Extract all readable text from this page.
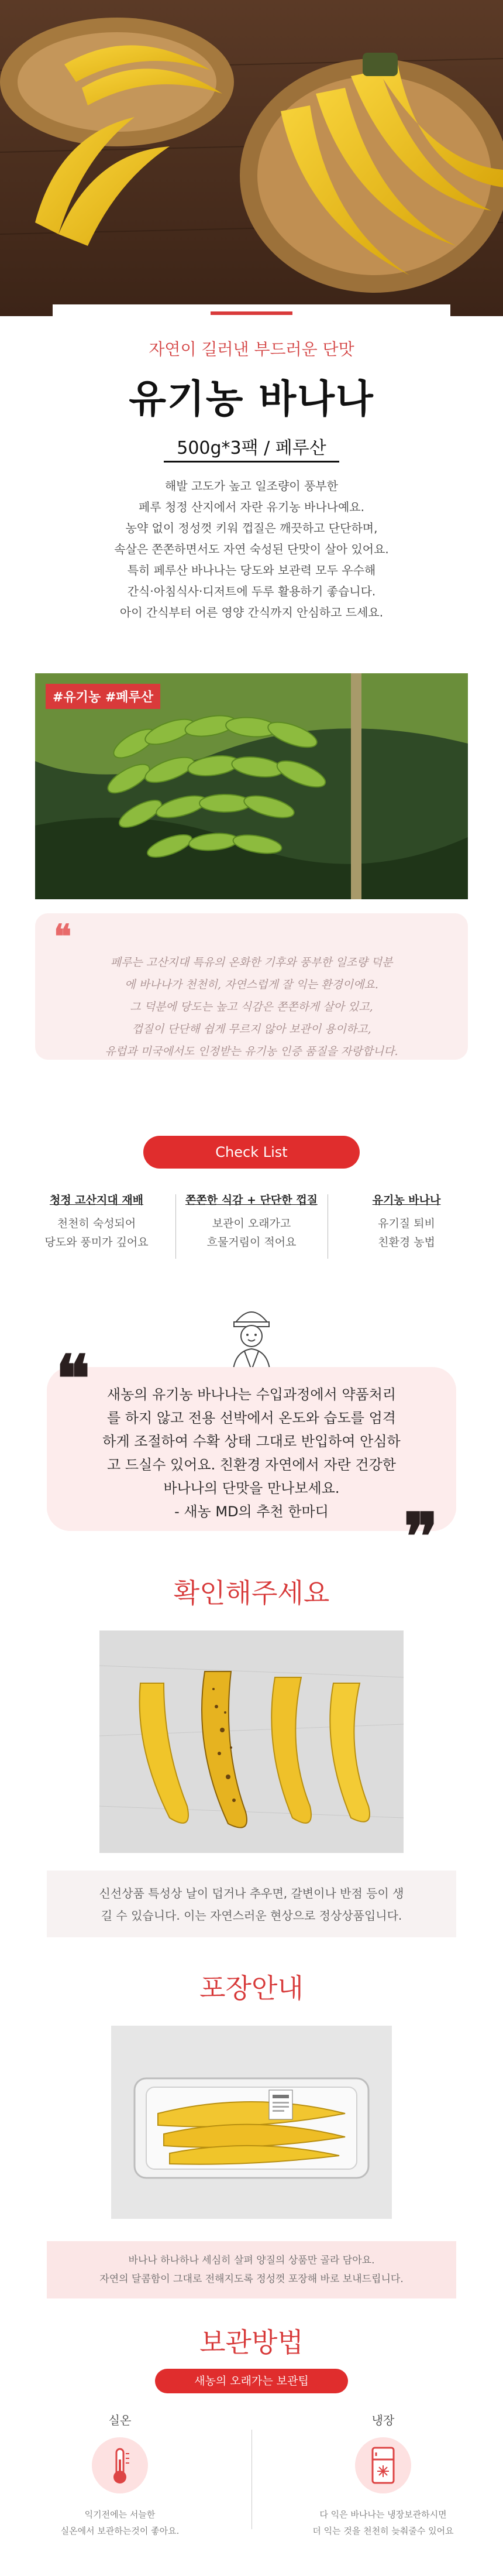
자연이 길러낸 부드러운 단맛
유기농 바나나
500g*3팩 / 페루산
해발 고도가 높고 일조량이 풍부한
페루 청정 산지에서 자란 유기농 바나나예요.
농약 없이 정성껏 키워 껍질은 깨끗하고 단단하며,
속살은 쫀쫀하면서도 자연 숙성된 단맛이 살아 있어요.
특히 페루산 바나나는 당도와 보관력 모두 우수해
간식·아침식사·디저트에 두루 활용하기 좋습니다.
아이 간식부터 어른 영양 간식까지 안심하고 드세요.
#유기농 #페루산
❝
페루는 고산지대 특유의 온화한 기후와 풍부한 일조량 덕분
에 바나나가 천천히, 자연스럽게 잘 익는 환경이에요.
그 덕분에 당도는 높고 식감은 쫀쫀하게 살아 있고,
껍질이 단단해 쉽게 무르지 않아 보관이 용이하고,
유럽과 미국에서도 인정받는 유기농 인증 품질을 자랑합니다.
Check List
청정 고산지대 재배
천천히 숙성되어
당도와 풍미가 깊어요
쫀쫀한 식감 + 단단한 껍질
보관이 오래가고
흐물거림이 적어요
유기농 바나나
유기질 퇴비
친환경 농법
❝
❞
새농의 유기농 바나나는 수입과정에서 약품처리
를 하지 않고 전용 선박에서 온도와 습도를 엄격
하게 조절하여 수확 상태 그대로 반입하여 안심하
고 드실수 있어요. 친환경 자연에서 자란 건강한
바나나의 단맛을 만나보세요.
- 새농 MD의 추천 한마디
확인해주세요
신선상품 특성상 날이 덥거나 추우면, 갈변이나 반점 등이 생
길 수 있습니다. 이는 자연스러운 현상으로 정상상품입니다.
포장안내
바나나 하나하나 세심히 살펴 양질의 상품만 골라 담아요.
자연의 달콤함이 그대로 전해지도록 정성껏 포장해 바로 보내드립니다.
보관방법
새농의 오래가는 보관팁
실온
익기전에는 서늘한
실온에서 보관하는것이 좋아요.
냉장
다 익은 바나나는 냉장보관하시면
더 익는 것을 천천히 늦춰줄수 있어요
